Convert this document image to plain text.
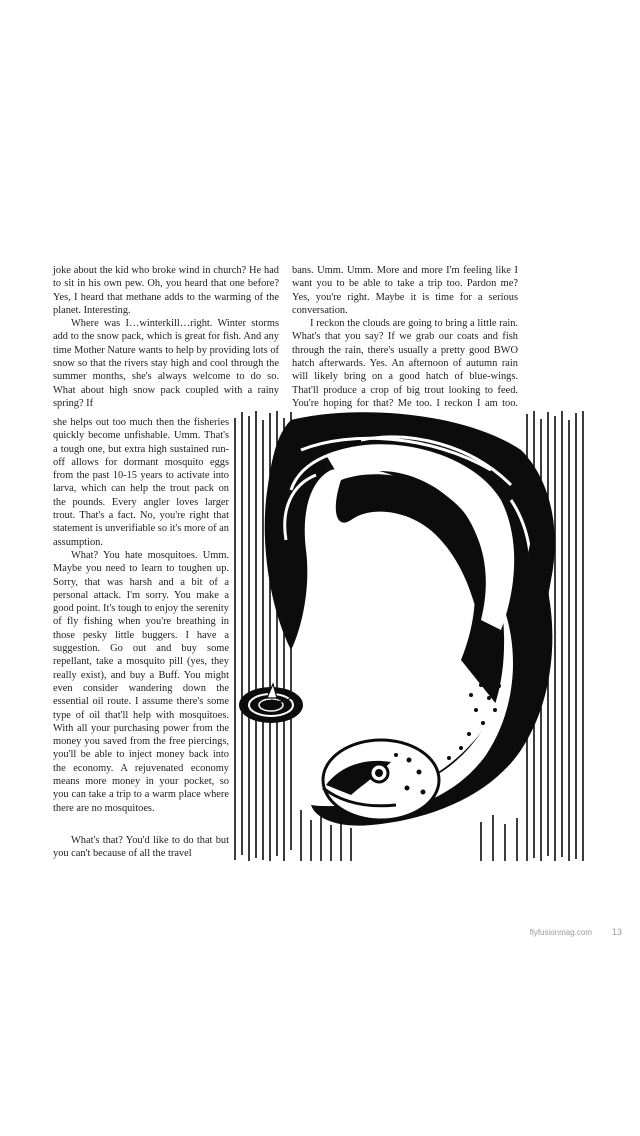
joke about the kid who broke wind in church? He had to sit in his own pew. Oh, you heard that one before? Yes, I heard that methane adds to the warming of the planet. Interesting.

Where was I…winterkill…right. Winter storms add to the snow pack, which is great for fish. And any time Mother Nature wants to help by providing lots of snow so that the rivers stay high and cool through the summer months, she's always welcome to do so. What about high snow pack coupled with a rainy spring? If

she helps out too much then the fisheries quickly become unfishable. Umm. That's a tough one, but extra high sustained run-off allows for dormant mosquito eggs from the past 10-15 years to activate into larva, which can help the trout pack on the pounds. Every angler loves larger trout. That's a fact. No, you're right that statement is unverifiable so it's more of an assumption.

What? You hate mosquitoes. Umm. Maybe you need to learn to toughen up. Sorry, that was harsh and a bit of a personal attack. I'm sorry. You make a good point. It's tough to enjoy the serenity of fly fishing when you're breathing in those pesky little buggers. I have a suggestion. Go out and buy some repellant, take a mosquito pill (yes, they really exist), and buy a Buff. You might even consider wandering down the essential oil route. I assume there's some type of oil that'll help with mosquitoes. With all your purchasing power from the money you saved from the free piercings, you'll be able to inject money back into the economy. A rejuvenated economy means more money in your pocket, so you can take a trip to a warm place where there are no mosquitoes.

What's that? You'd like to do that but you can't because of all the travel

bans. Umm. Umm. More and more I'm feeling like I want you to be able to take a trip too. Pardon me? Yes, you're right. Maybe it is time for a serious conversation.

I reckon the clouds are going to bring a little rain. What's that you say? If we grab our coats and fish through the rain, there's usually a pretty good BWO hatch afterwards. Yes. An afternoon of autumn rain will likely bring on a good hatch of blue-wings. That'll produce a crop of big trout looking to feed. You're hoping for that? Me too. I reckon I am too.

flyfusionmag.com 13
